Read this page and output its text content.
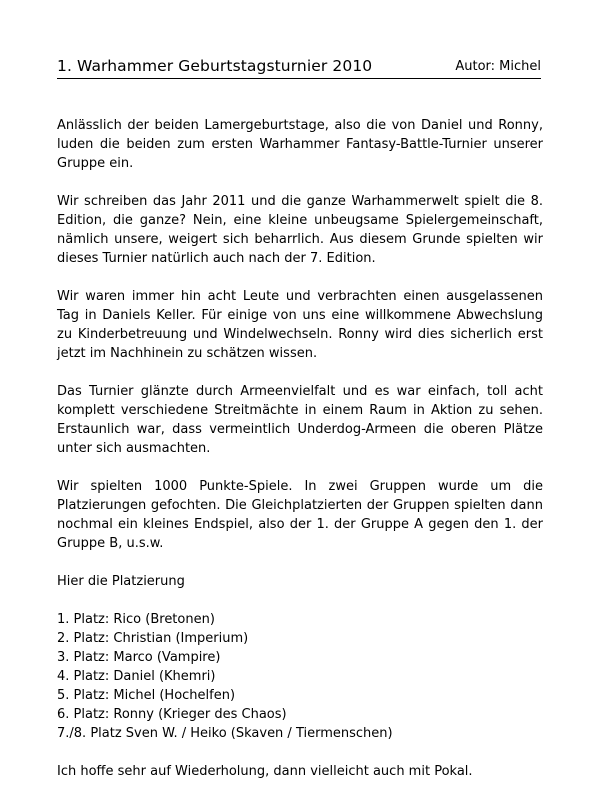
1. Warhammer Geburtstagsturnier 2010	Autor: Michel

Anlässlich der beiden Lamergeburtstage, also die von Daniel und Ronny, luden die beiden zum ersten Warhammer Fantasy-Battle-Turnier unserer Gruppe ein.

Wir schreiben das Jahr 2011 und die ganze Warhammerwelt spielt die 8. Edition, die ganze? Nein, eine kleine unbeugsame Spielergemeinschaft, nämlich unsere, weigert sich beharrlich. Aus diesem Grunde spielten wir dieses Turnier natürlich auch nach der 7. Edition.

Wir waren immer hin acht Leute und verbrachten einen ausgelassenen Tag in Daniels Keller. Für einige von uns eine willkommene Abwechslung zu Kinderbetreuung und Windelwechseln. Ronny wird dies sicherlich erst jetzt im Nachhinein zu schätzen wissen.

Das Turnier glänzte durch Armeenvielfalt und es war einfach, toll acht komplett verschiedene Streitmächte in einem Raum in Aktion zu sehen. Erstaunlich war, dass vermeintlich Underdog-Armeen die oberen Plätze unter sich ausmachten.

Wir spielten 1000 Punkte-Spiele. In zwei Gruppen wurde um die Platzierungen gefochten. Die Gleichplatzierten der Gruppen spielten dann nochmal ein kleines Endspiel, also der 1. der Gruppe A gegen den 1. der Gruppe B, u.s.w.

Hier die Platzierung

1. Platz: Rico (Bretonen)
2. Platz: Christian (Imperium)
3. Platz: Marco (Vampire)
4. Platz: Daniel (Khemri)
5. Platz: Michel (Hochelfen)
6. Platz: Ronny (Krieger des Chaos)
7./8. Platz Sven W. / Heiko (Skaven / Tiermenschen)

Ich hoffe sehr auf Wiederholung, dann vielleicht auch mit Pokal.
